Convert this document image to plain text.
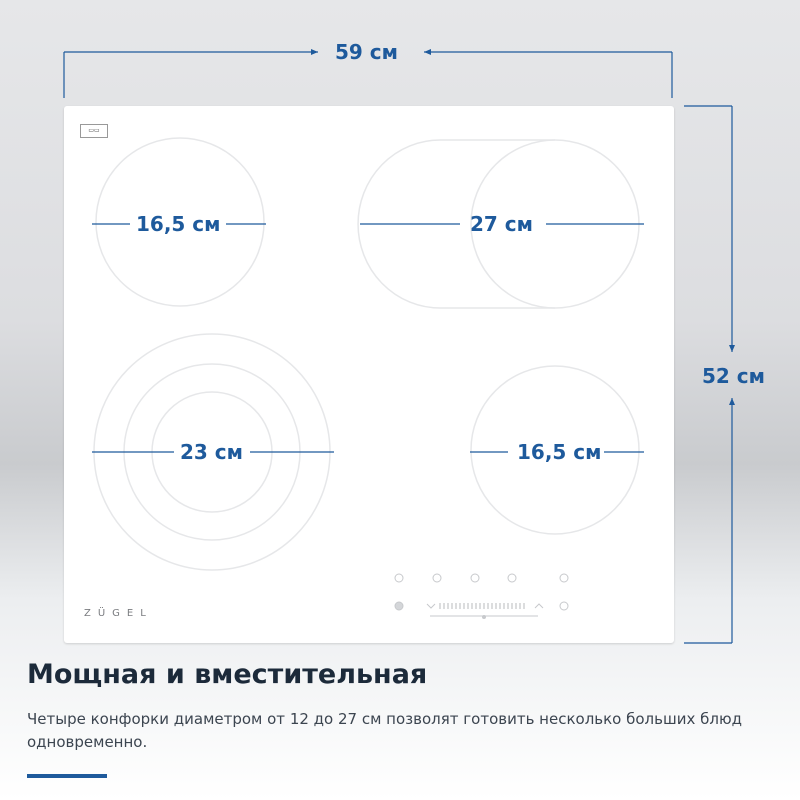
▭▭
59 см
52 см
16,5 см	27 см
23 см	16,5 см
ZÜGEL
Мощная и вместительная
Четыре конфорки диаметром от 12 до 27 см позволят готовить несколько больших блюд одновременно.
